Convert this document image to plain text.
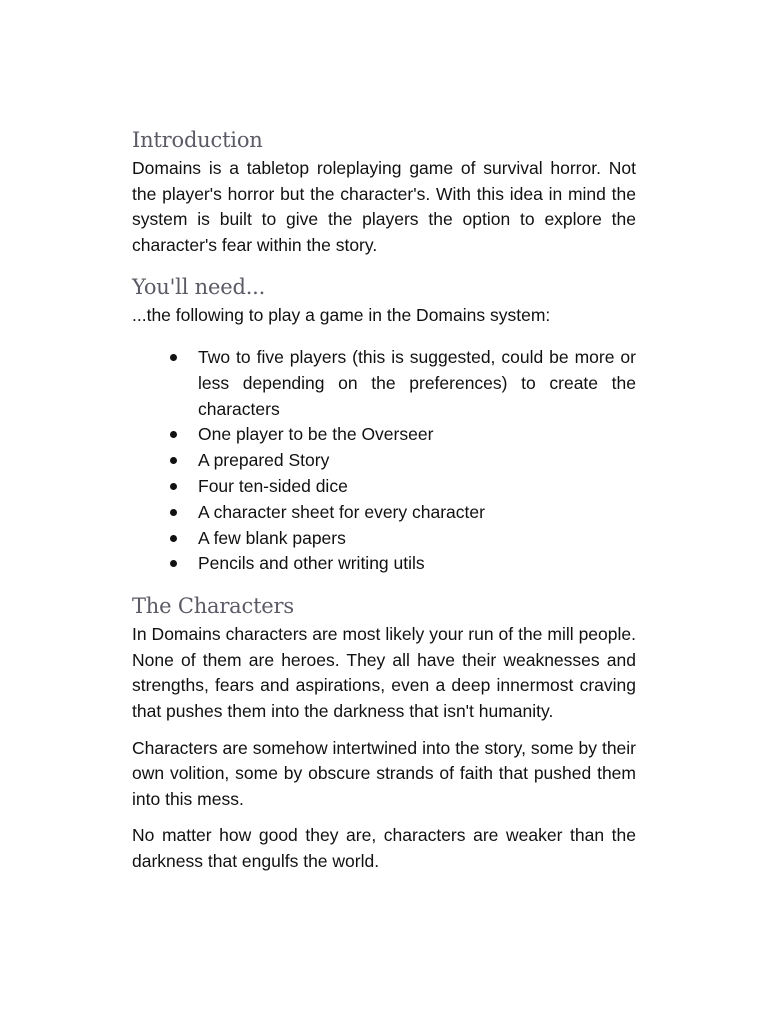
Introduction

Domains is a tabletop roleplaying game of survival horror. Not the player's horror but the character's. With this idea in mind the system is built to give the players the option to explore the character's fear within the story.

You'll need...

...the following to play a game in the Domains system:

Two to five players (this is suggested, could be more or less depending on the preferences) to create the characters
One player to be the Overseer
A prepared Story
Four ten-sided dice
A character sheet for every character
A few blank papers
Pencils and other writing utils
The Characters

In Domains characters are most likely your run of the mill people. None of them are heroes. They all have their weaknesses and strengths, fears and aspirations, even a deep innermost craving that pushes them into the darkness that isn't humanity.

Characters are somehow intertwined into the story, some by their own volition, some by obscure strands of faith that pushed them into this mess.

No matter how good they are, characters are weaker than the darkness that engulfs the world.
